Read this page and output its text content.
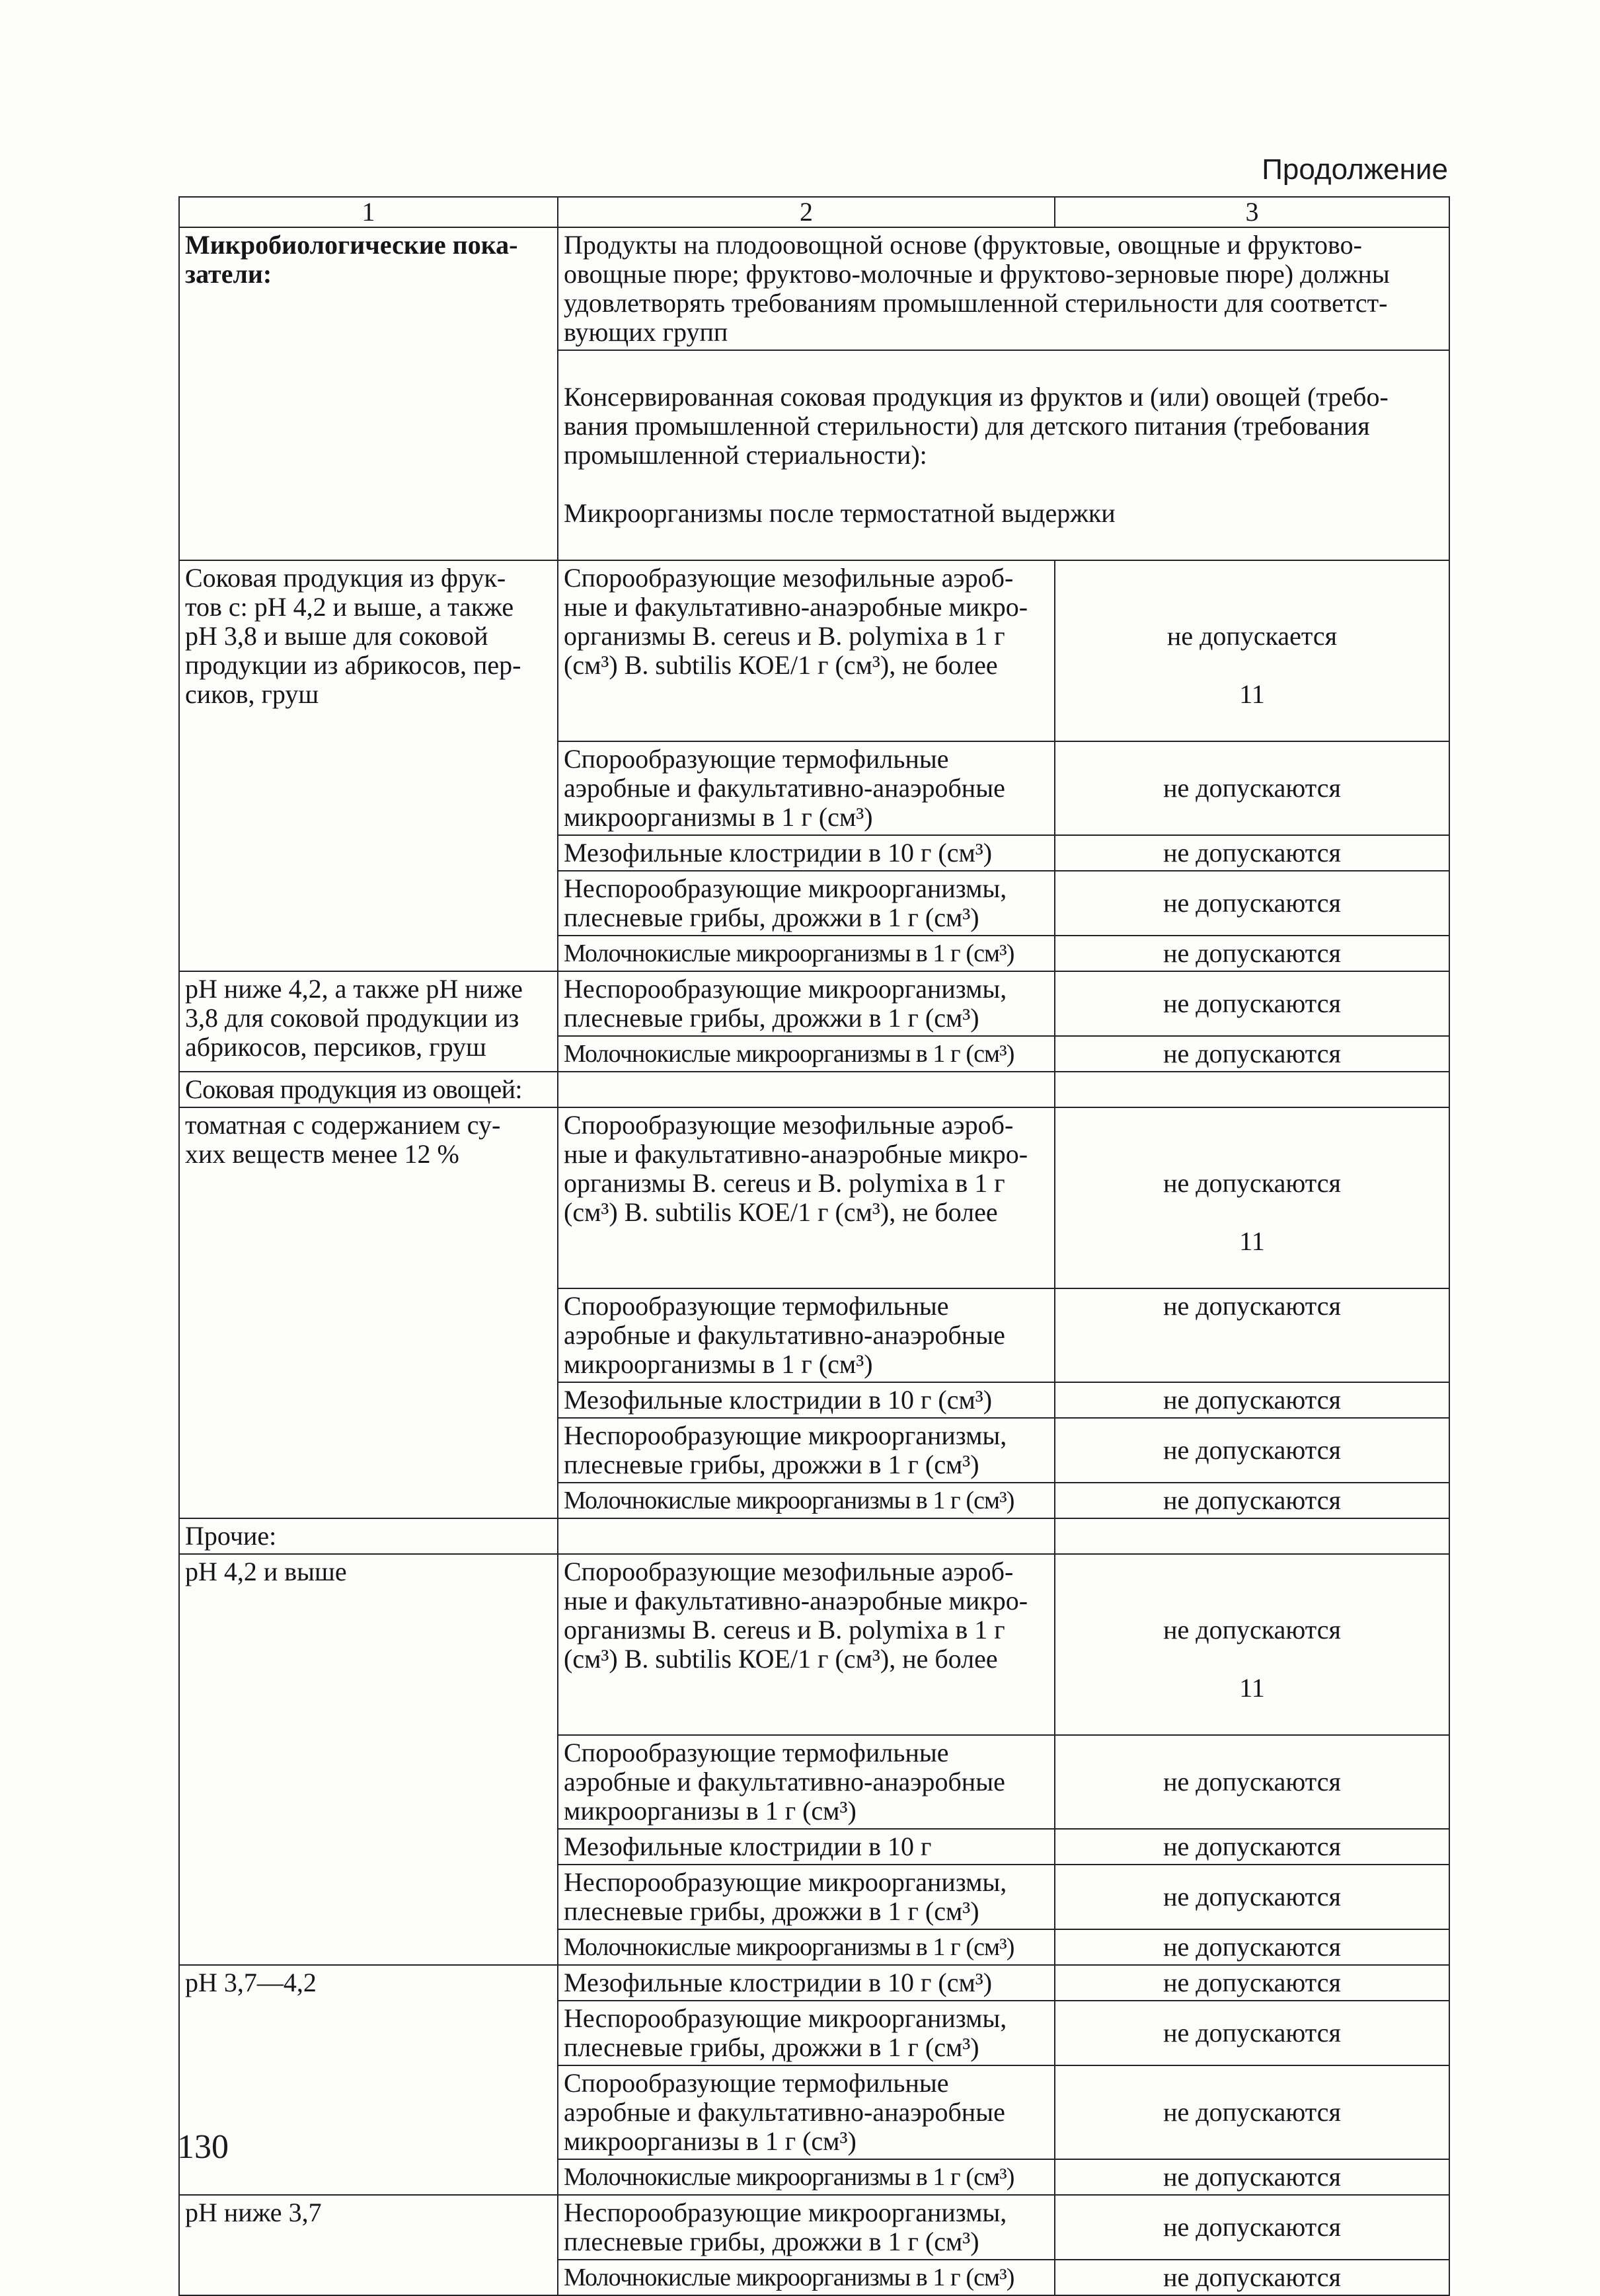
Продолжение
1	2	3
Микробиологические пока-
затели:	Продукты на плодоовощной основе (фруктовые, овощные и фруктово-
овощные пюре; фруктово-молочные и фруктово-зерновые пюре) должны
удовлетворять требованиям промышленной стерильности для соответст-
вующих групп	

	Консервированная соковая продукция из фруктов и (или) овощей (требо-
вания промышленной стерильности) для детского питания (требования
промышленной стериальности):

Микроорганизмы после термостатной выдержки	

Соковая продукция из фрук-
тов с: pH 4,2 и выше, а также
pH 3,8 и выше для соковой
продукции из абрикосов, пер-
сиков, груш	Спорообразующие мезофильные аэроб-
ные и факультативно-анаэробные микро-
организмы B. cereus и B. polymixa в 1 г
(см³) B. subtilis КОЕ/1 г (см³), не более	не допускается
11

	Спорообразующие термофильные
аэробные и факультативно-анаэробные
микроорганизмы в 1 г (см³)	не допускаются
	Мезофильные клостридии в 10 г (см³)	не допускаются
	Неспорообразующие микроорганизмы,
плесневые грибы, дрожжи в 1 г (см³)	не допускаются
	Молочнокислые микроорганизмы в 1 г (см³)	не допускаются
pH ниже 4,2, а также pH ниже
3,8 для соковой продукции из
абрикосов, персиков, груш	Неспорообразующие микроорганизмы,
плесневые грибы, дрожжи в 1 г (см³)	не допускаются
	Молочнокислые микроорганизмы в 1 г (см³)	не допускаются
Соковая продукция из овощей:		
томатная с содержанием су-
хих веществ менее 12 %	Спорообразующие мезофильные аэроб-
ные и факультативно-анаэробные микро-
организмы B. cereus и B. polymixa в 1 г
(см³) B. subtilis КОЕ/1 г (см³), не более	не допускаются
11

	Спорообразующие термофильные
аэробные и факультативно-анаэробные
микроорганизмы в 1 г (см³)	не допускаются
	Мезофильные клостридии в 10 г (см³)	не допускаются
	Неспорообразующие микроорганизмы,
плесневые грибы, дрожжи в 1 г (см³)	не допускаются
	Молочнокислые микроорганизмы в 1 г (см³)	не допускаются
Прочие:		
pH 4,2 и выше	Спорообразующие мезофильные аэроб-
ные и факультативно-анаэробные микро-
организмы B. cereus и B. polymixa в 1 г
(см³) B. subtilis КОЕ/1 г (см³), не более	не допускаются
11

	Спорообразующие термофильные
аэробные и факультативно-анаэробные
микроорганизы в 1 г (см³)	не допускаются
	Мезофильные клостридии в 10 г	не допускаются
	Неспорообразующие микроорганизмы,
плесневые грибы, дрожжи в 1 г (см³)	не допускаются
	Молочнокислые микроорганизмы в 1 г (см³)	не допускаются
pH 3,7—4,2	Мезофильные клостридии в 10 г (см³)	не допускаются
	Неспорообразующие микроорганизмы,
плесневые грибы, дрожжи в 1 г (см³)	не допускаются
	Спорообразующие термофильные
аэробные и факультативно-анаэробные
микроорганизы в 1 г (см³)	не допускаются
	Молочнокислые микроорганизмы в 1 г (см³)	не допускаются
pH ниже 3,7	Неспорообразующие микроорганизмы,
плесневые грибы, дрожжи в 1 г (см³)	не допускаются
	Молочнокислые микроорганизмы в 1 г (см³)	не допускаются
130
